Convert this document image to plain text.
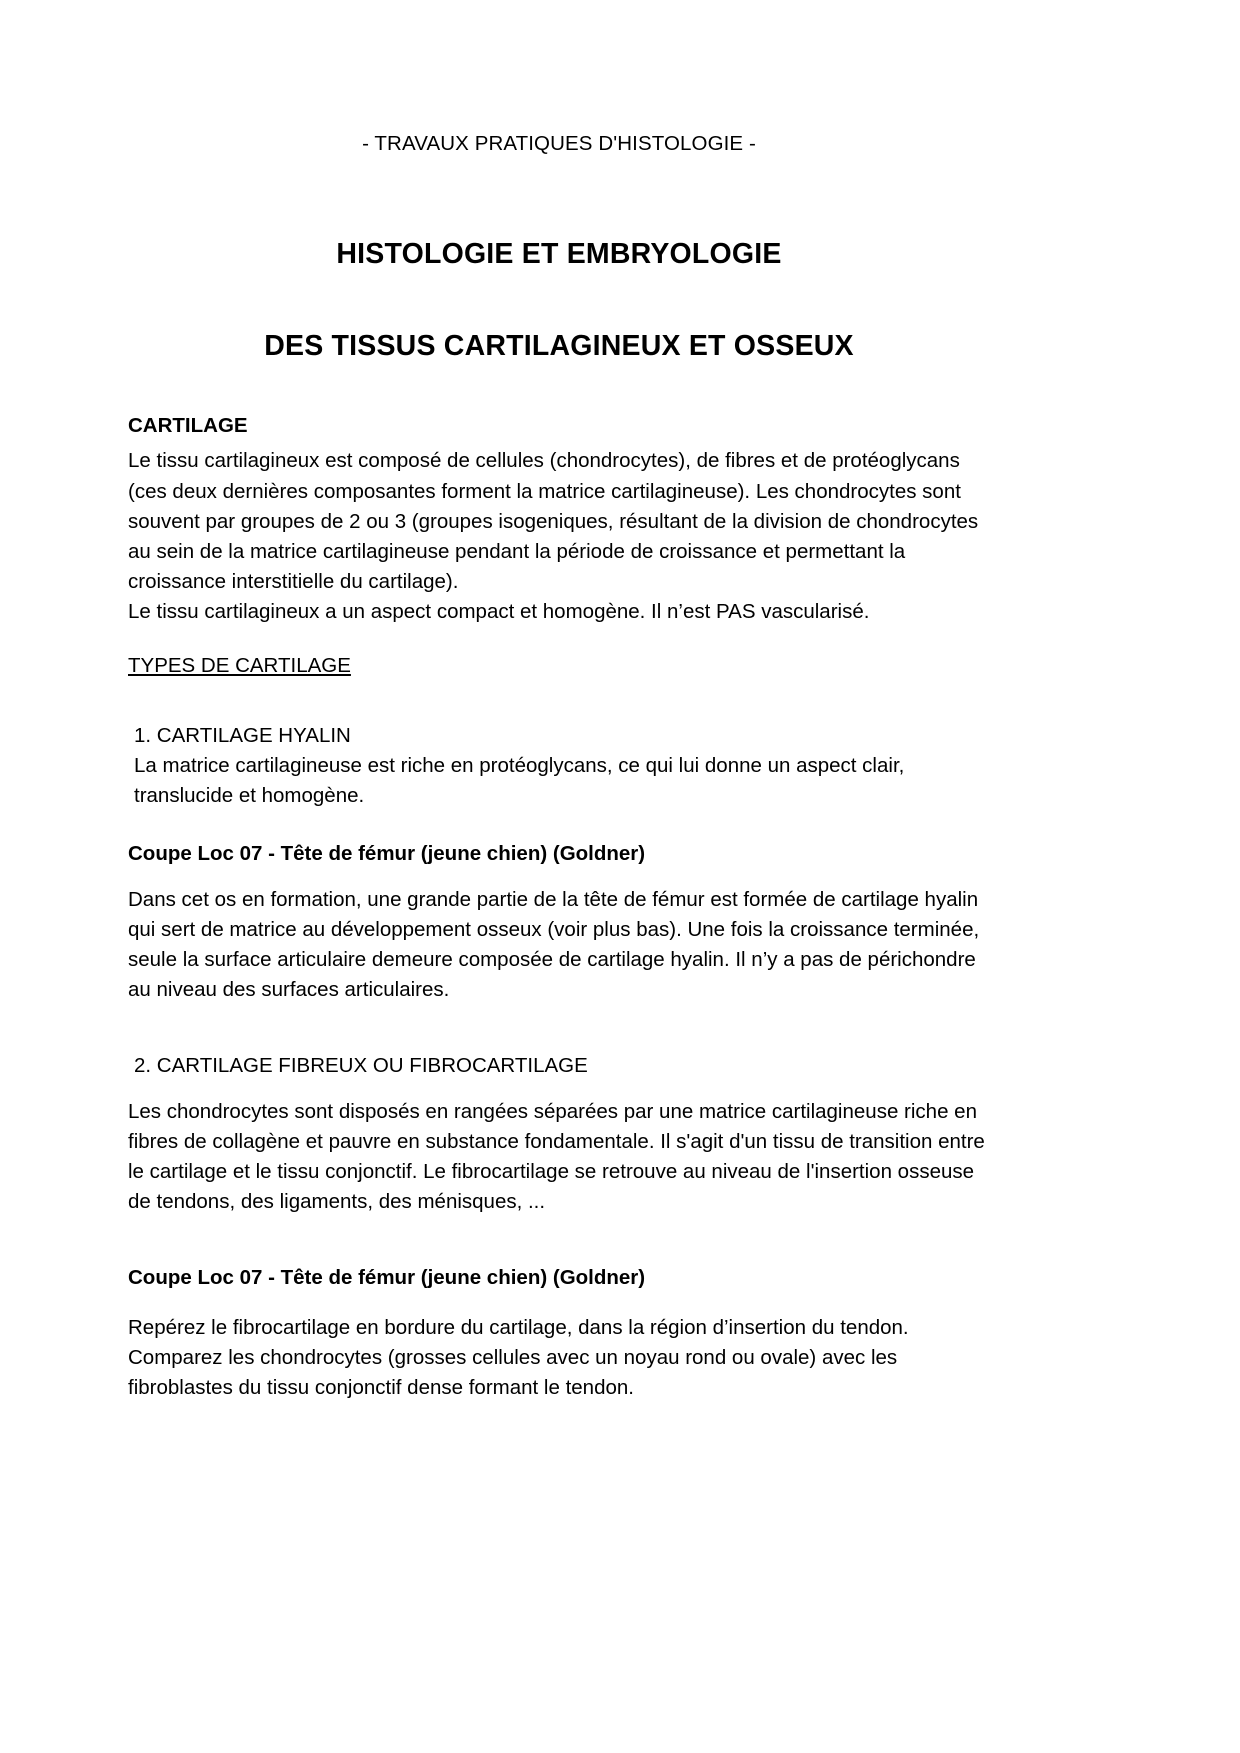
- TRAVAUX PRATIQUES D'HISTOLOGIE -
HISTOLOGIE ET EMBRYOLOGIE
DES TISSUS CARTILAGINEUX ET OSSEUX
CARTILAGE
Le tissu cartilagineux est composé de cellules (chondrocytes), de fibres et de protéoglycans (ces deux dernières composantes forment la matrice cartilagineuse). Les chondrocytes sont souvent par groupes de 2 ou 3 (groupes isogeniques, résultant de la division de chondrocytes au sein de la matrice cartilagineuse pendant la période de croissance et permettant la croissance interstitielle du cartilage).
Le tissu cartilagineux a un aspect compact et homogène. Il n’est PAS vascularisé.
TYPES DE CARTILAGE
1. CARTILAGE HYALIN
La matrice cartilagineuse est riche en protéoglycans, ce qui lui donne un aspect clair, translucide et homogène.
Coupe Loc 07 - Tête de fémur (jeune chien) (Goldner)
Dans cet os en formation, une grande partie de la tête de fémur est formée de cartilage hyalin qui sert de matrice au développement osseux (voir plus bas). Une fois la croissance terminée, seule la surface articulaire demeure composée de cartilage hyalin. Il n’y a pas de périchondre au niveau des surfaces articulaires.
2. CARTILAGE FIBREUX OU FIBROCARTILAGE
Les chondrocytes sont disposés en rangées séparées par une matrice cartilagineuse riche en fibres de collagène et pauvre en substance fondamentale. Il s'agit d'un tissu de transition entre le cartilage et le tissu conjonctif. Le fibrocartilage se retrouve au niveau de l'insertion osseuse de tendons, des ligaments, des ménisques, ...
Coupe Loc 07 - Tête de fémur (jeune chien) (Goldner)
Repérez le fibrocartilage en bordure du cartilage, dans la région d’insertion du tendon. Comparez les chondrocytes (grosses cellules avec un noyau rond ou ovale) avec les fibroblastes du tissu conjonctif dense formant le tendon.
